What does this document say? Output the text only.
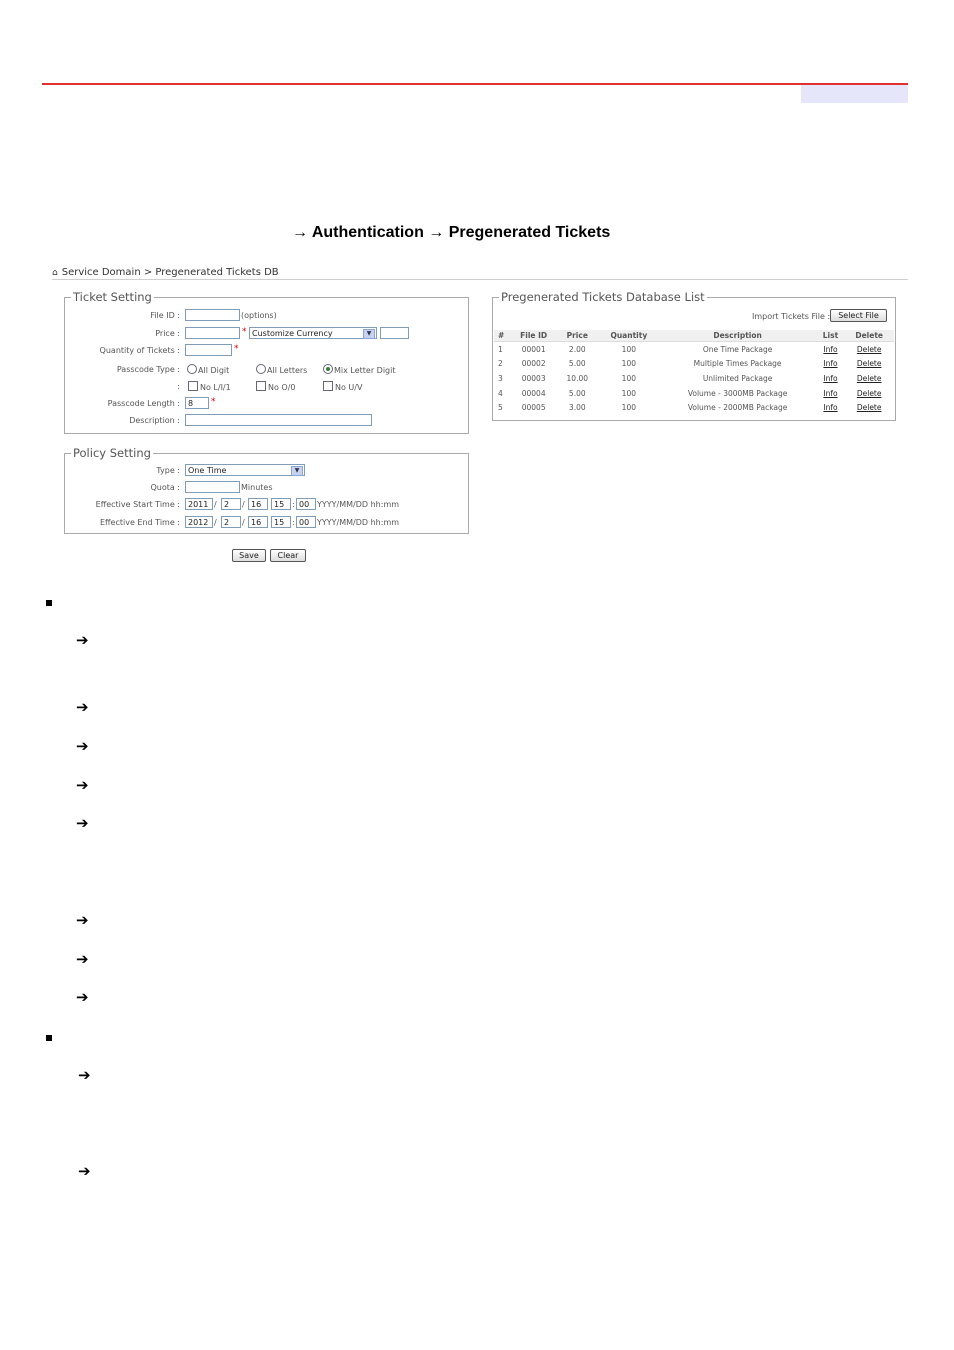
→ Authentication → Pregenerated Tickets
⌂ Service Domain > Pregenerated Tickets DB
Ticket Setting
File ID :	(options)
Price :	* Customize Currency	▼
Quantity of Tickets :	*
Passcode Type :	All Digit	All Letters	Mix Letter Digit
:	No L/I/1	No O/0	No U/V
Passcode Length :	8	*
Description :
Policy Setting
Type :	One Time	▼
Quota :	Minutes
Effective Start Time :	2011 / 2	/ 16	15 : 00 YYYY/MM/DD hh:mm
Effective End Time :	2012 / 2	/ 16	15 : 00 YYYY/MM/DD hh:mm
Save	Clear
Pregenerated Tickets Database List
Import Tickets File :	Select File
#	File ID	Price	Quantity	Description	List	Delete
1	00001	2.00	100	One Time Package	Info	Delete
2	00002	5.00	100	Multiple Times Package	Info	Delete
3	00003	10.00	100	Unlimited Package	Info	Delete
4	00004	5.00	100	Volume - 3000MB Package	Info	Delete
5	00005	3.00	100	Volume - 2000MB Package	Info	Delete
➔
➔
➔
➔
➔
➔
➔
➔
➔
➔
